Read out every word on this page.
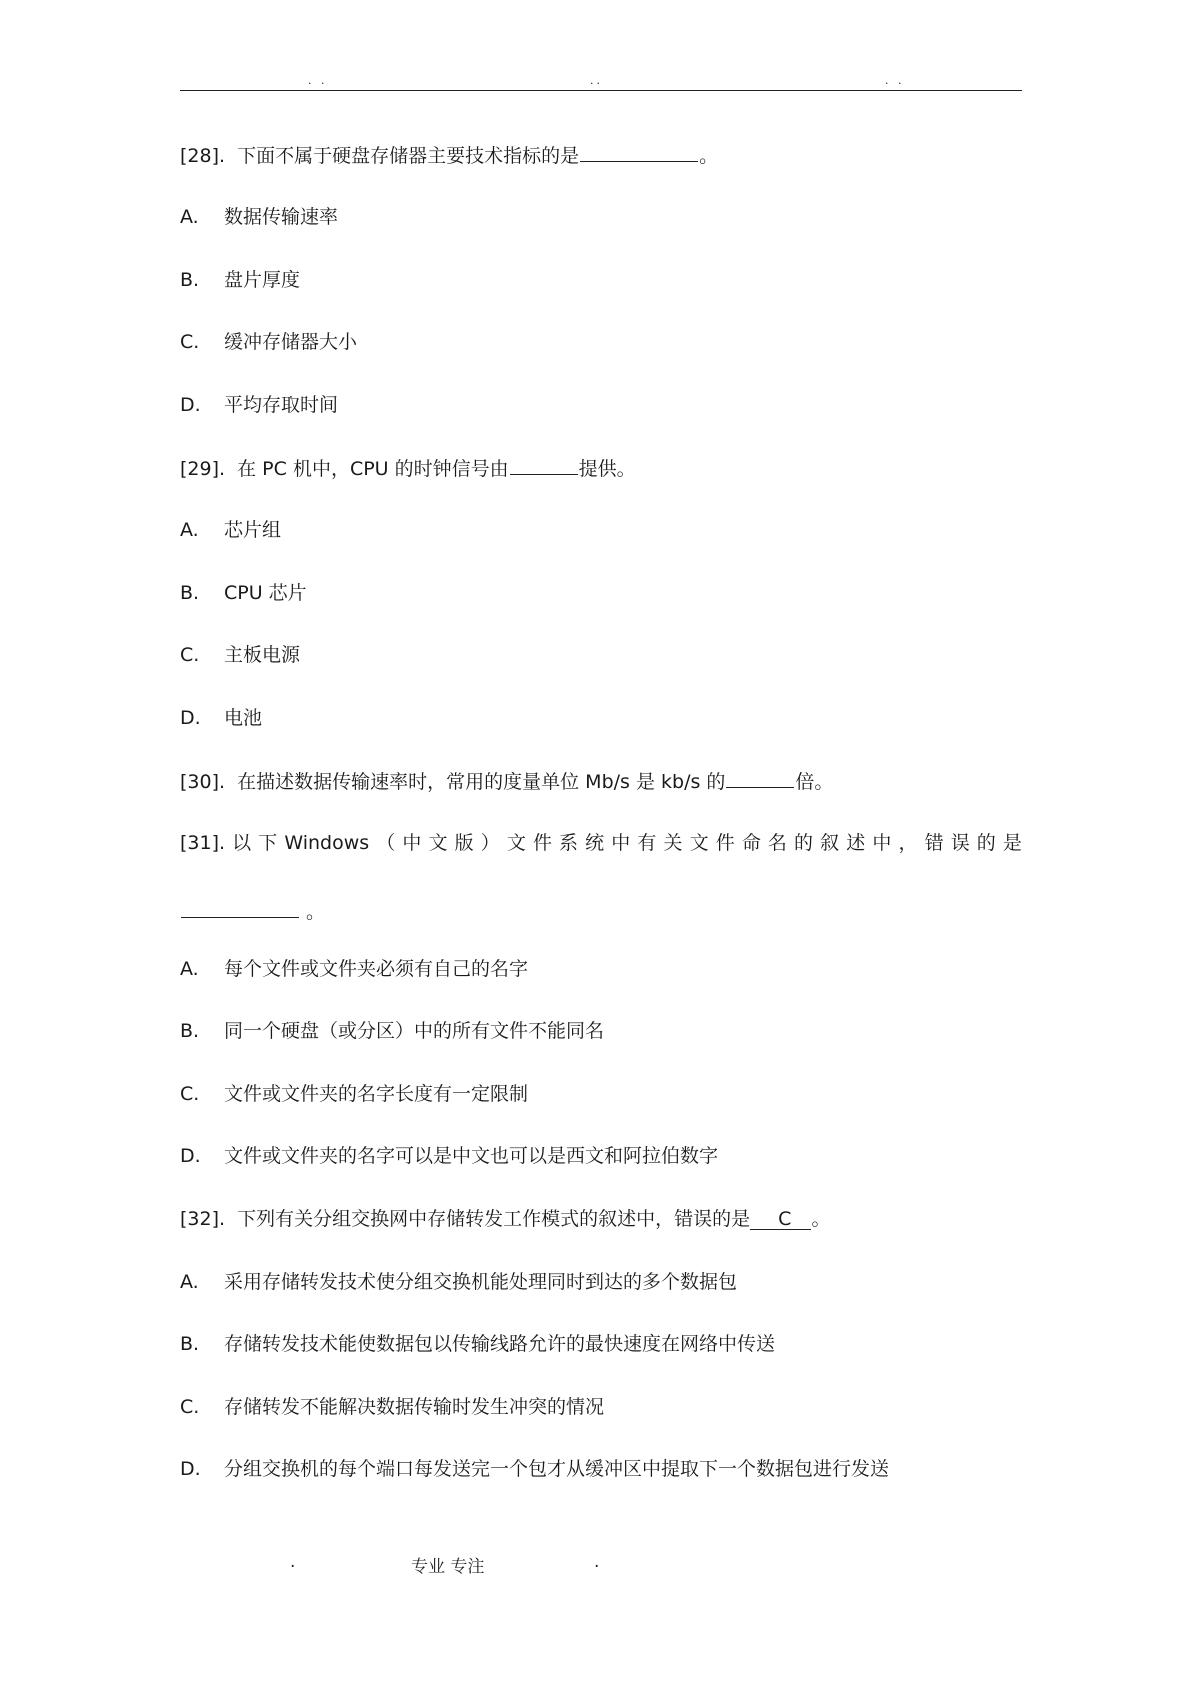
. .	..	. .
[28]. 下面不属于硬盘存储器主要技术指标的是	。
A. 数据传输速率
B. 盘片厚度
C. 缓冲存储器大小
D. 平均存取时间
[29]. 在 PC 机中，CPU 的时钟信号由	提供。
A. 芯片组
B. CPU 芯片
C. 主板电源
D. 电池
[30]. 在描述数据传输速率时，常用的度量单位 Mb/s 是 kb/s 的	倍。
[31]. 以 下 Windows （ 中 文 版 ） 文 件 系 统 中 有 关 文 件 命 名 的 叙 述 中 ， 错 误 的 是
。
A. 每个文件或文件夹必须有自己的名字
B. 同一个硬盘（或分区）中的所有文件不能同名
C. 文件或文件夹的名字长度有一定限制
D. 文件或文件夹的名字可以是中文也可以是西文和阿拉伯数字
[32]. 下列有关分组交换网中存储转发工作模式的叙述中，错误的是 C 。
A. 采用存储转发技术使分组交换机能处理同时到达的多个数据包
B. 存储转发技术能使数据包以传输线路允许的最快速度在网络中传送
C. 存储转发不能解决数据传输时发生冲突的情况
D. 分组交换机的每个端口每发送完一个包才从缓冲区中提取下一个数据包进行发送
.	专业 专注	.
